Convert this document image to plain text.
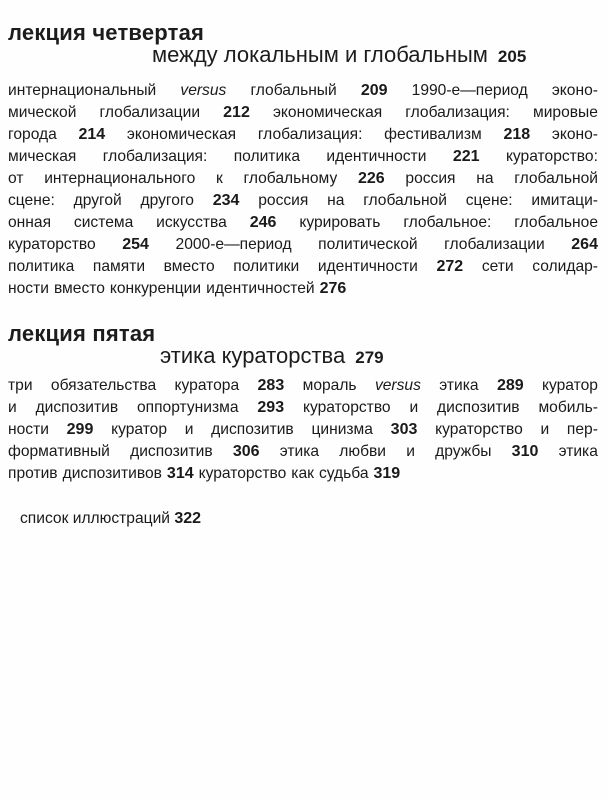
лекция четвертая
между локальным и глобальным 205
интернациональный versus глобальный 209 1990-е—период эконо-
мической глобализации 212 экономическая глобализация: мировые
города 214 экономическая глобализация: фестивализм 218 эконо-
мическая глобализация: политика идентичности 221 кураторство:
от интернационального к глобальному 226 россия на глобальной
сцене: другой другого 234 россия на глобальной сцене: имитаци-
онная система искусства 246 курировать глобальное: глобальное
кураторство 254 2000-е—период политической глобализации 264
политика памяти вместо политики идентичности 272 сети солидар-
ности вместо конкуренции идентичностей 276
лекция пятая
этика кураторства 279
три обязательства куратора 283 мораль versus этика 289 куратор
и диспозитив оппортунизма 293 кураторство и диспозитив мобиль-
ности 299 куратор и диспозитив цинизма 303 кураторство и пер-
формативный диспозитив 306 этика любви и дружбы 310 этика
против диспозитивов 314 кураторство как судьба 319
список иллюстраций 322
